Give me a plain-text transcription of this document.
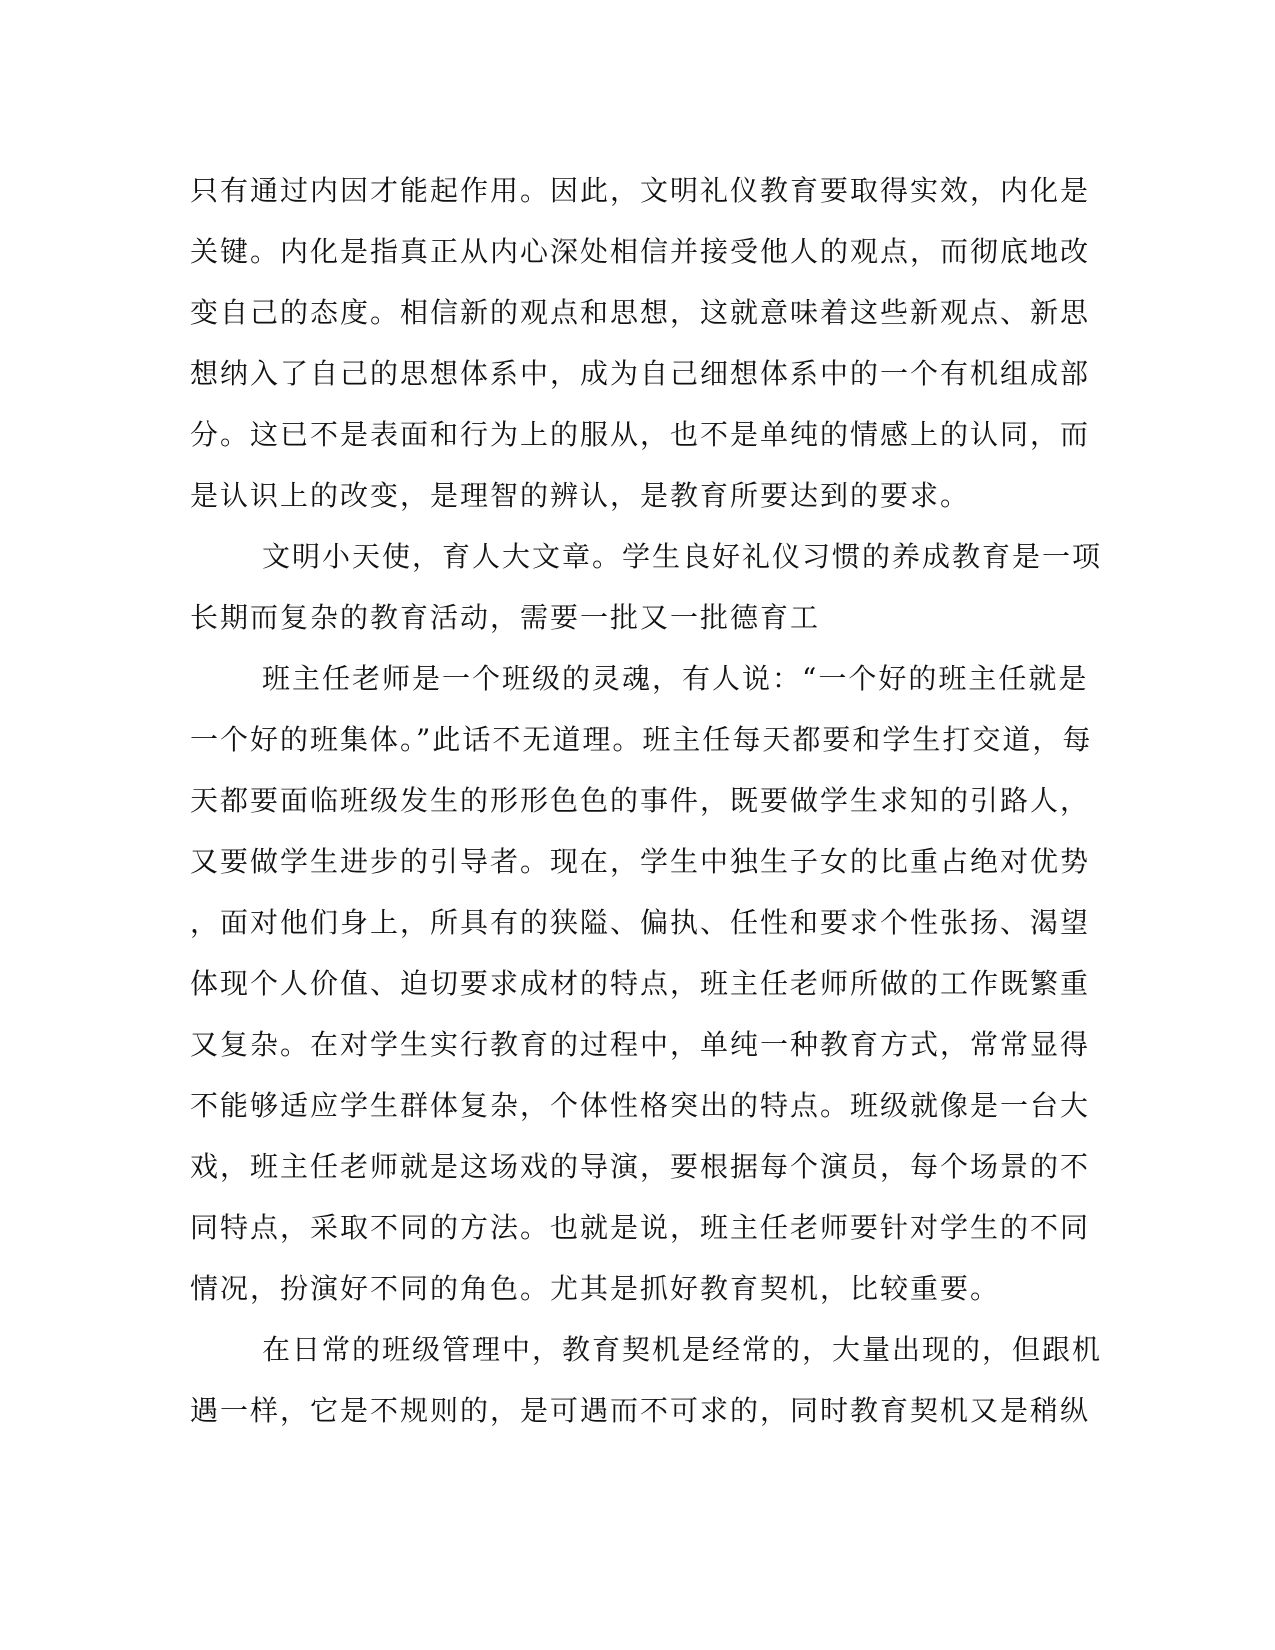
只有通过内因才能起作用。因此，文明礼仪教育要取得实效，内化是
关键。内化是指真正从内心深处相信并接受他人的观点，而彻底地改
变自己的态度。相信新的观点和思想，这就意味着这些新观点、新思
想纳入了自己的思想体系中，成为自己细想体系中的一个有机组成部
分。这已不是表面和行为上的服从，也不是单纯的情感上的认同，而
是认识上的改变，是理智的辨认，是教育所要达到的要求。
文明小天使，育人大文章。学生良好礼仪习惯的养成教育是一项
长期而复杂的教育活动，需要一批又一批德育工
班主任老师是一个班级的灵魂，有人说：“一个好的班主任就是
一个好的班集体。”此话不无道理。班主任每天都要和学生打交道，每
天都要面临班级发生的形形色色的事件，既要做学生求知的引路人，
又要做学生进步的引导者。现在，学生中独生子女的比重占绝对优势
，面对他们身上，所具有的狭隘、偏执、任性和要求个性张扬、渴望
体现个人价值、迫切要求成材的特点，班主任老师所做的工作既繁重
又复杂。在对学生实行教育的过程中，单纯一种教育方式，常常显得
不能够适应学生群体复杂，个体性格突出的特点。班级就像是一台大
戏，班主任老师就是这场戏的导演，要根据每个演员，每个场景的不
同特点，采取不同的方法。也就是说，班主任老师要针对学生的不同
情况，扮演好不同的角色。尤其是抓好教育契机，比较重要。
在日常的班级管理中，教育契机是经常的，大量出现的，但跟机
遇一样，它是不规则的，是可遇而不可求的，同时教育契机又是稍纵
